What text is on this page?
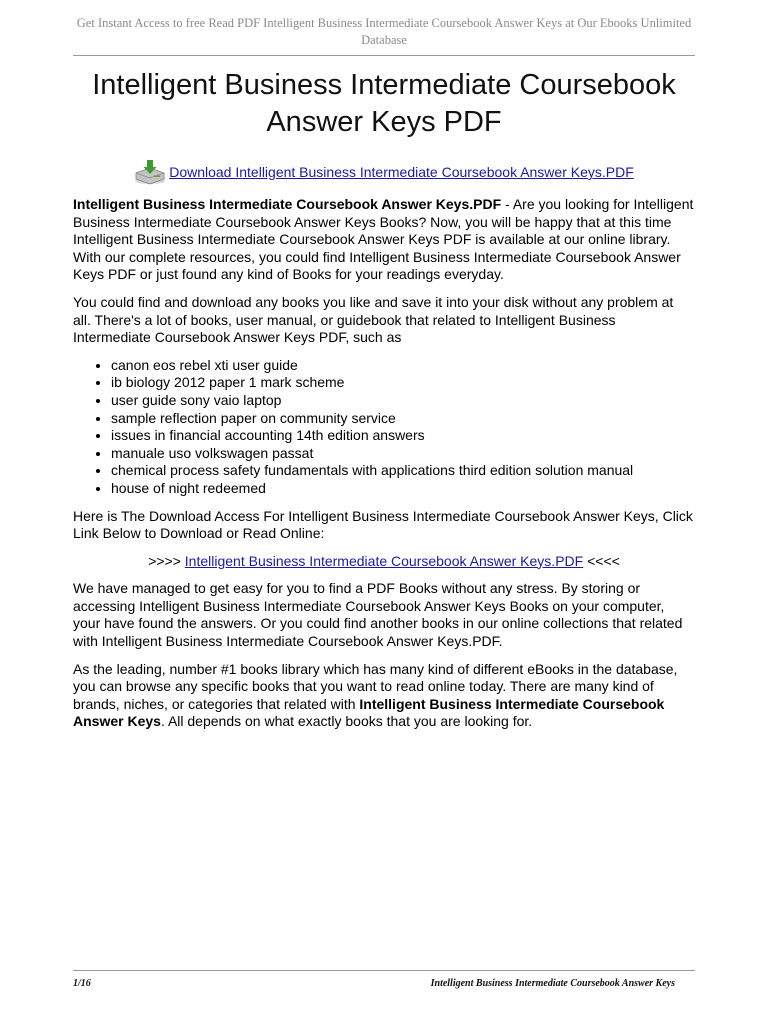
Get Instant Access to free Read PDF Intelligent Business Intermediate Coursebook Answer Keys at Our Ebooks Unlimited Database
Intelligent Business Intermediate Coursebook Answer Keys PDF
Download Intelligent Business Intermediate Coursebook Answer Keys.PDF

Intelligent Business Intermediate Coursebook Answer Keys.PDF - Are you looking for Intelligent Business Intermediate Coursebook Answer Keys Books? Now, you will be happy that at this time Intelligent Business Intermediate Coursebook Answer Keys PDF is available at our online library. With our complete resources, you could find Intelligent Business Intermediate Coursebook Answer Keys PDF or just found any kind of Books for your readings everyday.

You could find and download any books you like and save it into your disk without any problem at all. There's a lot of books, user manual, or guidebook that related to Intelligent Business Intermediate Coursebook Answer Keys PDF, such as

• canon eos rebel xti user guide
• ib biology 2012 paper 1 mark scheme
• user guide sony vaio laptop
• sample reflection paper on community service
• issues in financial accounting 14th edition answers
• manuale uso volkswagen passat
• chemical process safety fundamentals with applications third edition solution manual
• house of night redeemed

Here is The Download Access For Intelligent Business Intermediate Coursebook Answer Keys, Click Link Below to Download or Read Online:

>>>> Intelligent Business Intermediate Coursebook Answer Keys.PDF <<<<

We have managed to get easy for you to find a PDF Books without any stress. By storing or accessing Intelligent Business Intermediate Coursebook Answer Keys Books on your computer, your have found the answers. Or you could find another books in our online collections that related with Intelligent Business Intermediate Coursebook Answer Keys.PDF.

As the leading, number #1 books library which has many kind of different eBooks in the database, you can browse any specific books that you want to read online today. There are many kind of brands, niches, or categories that related with Intelligent Business Intermediate Coursebook Answer Keys. All depends on what exactly books that you are looking for.

1/16	Intelligent Business Intermediate Coursebook Answer Keys
